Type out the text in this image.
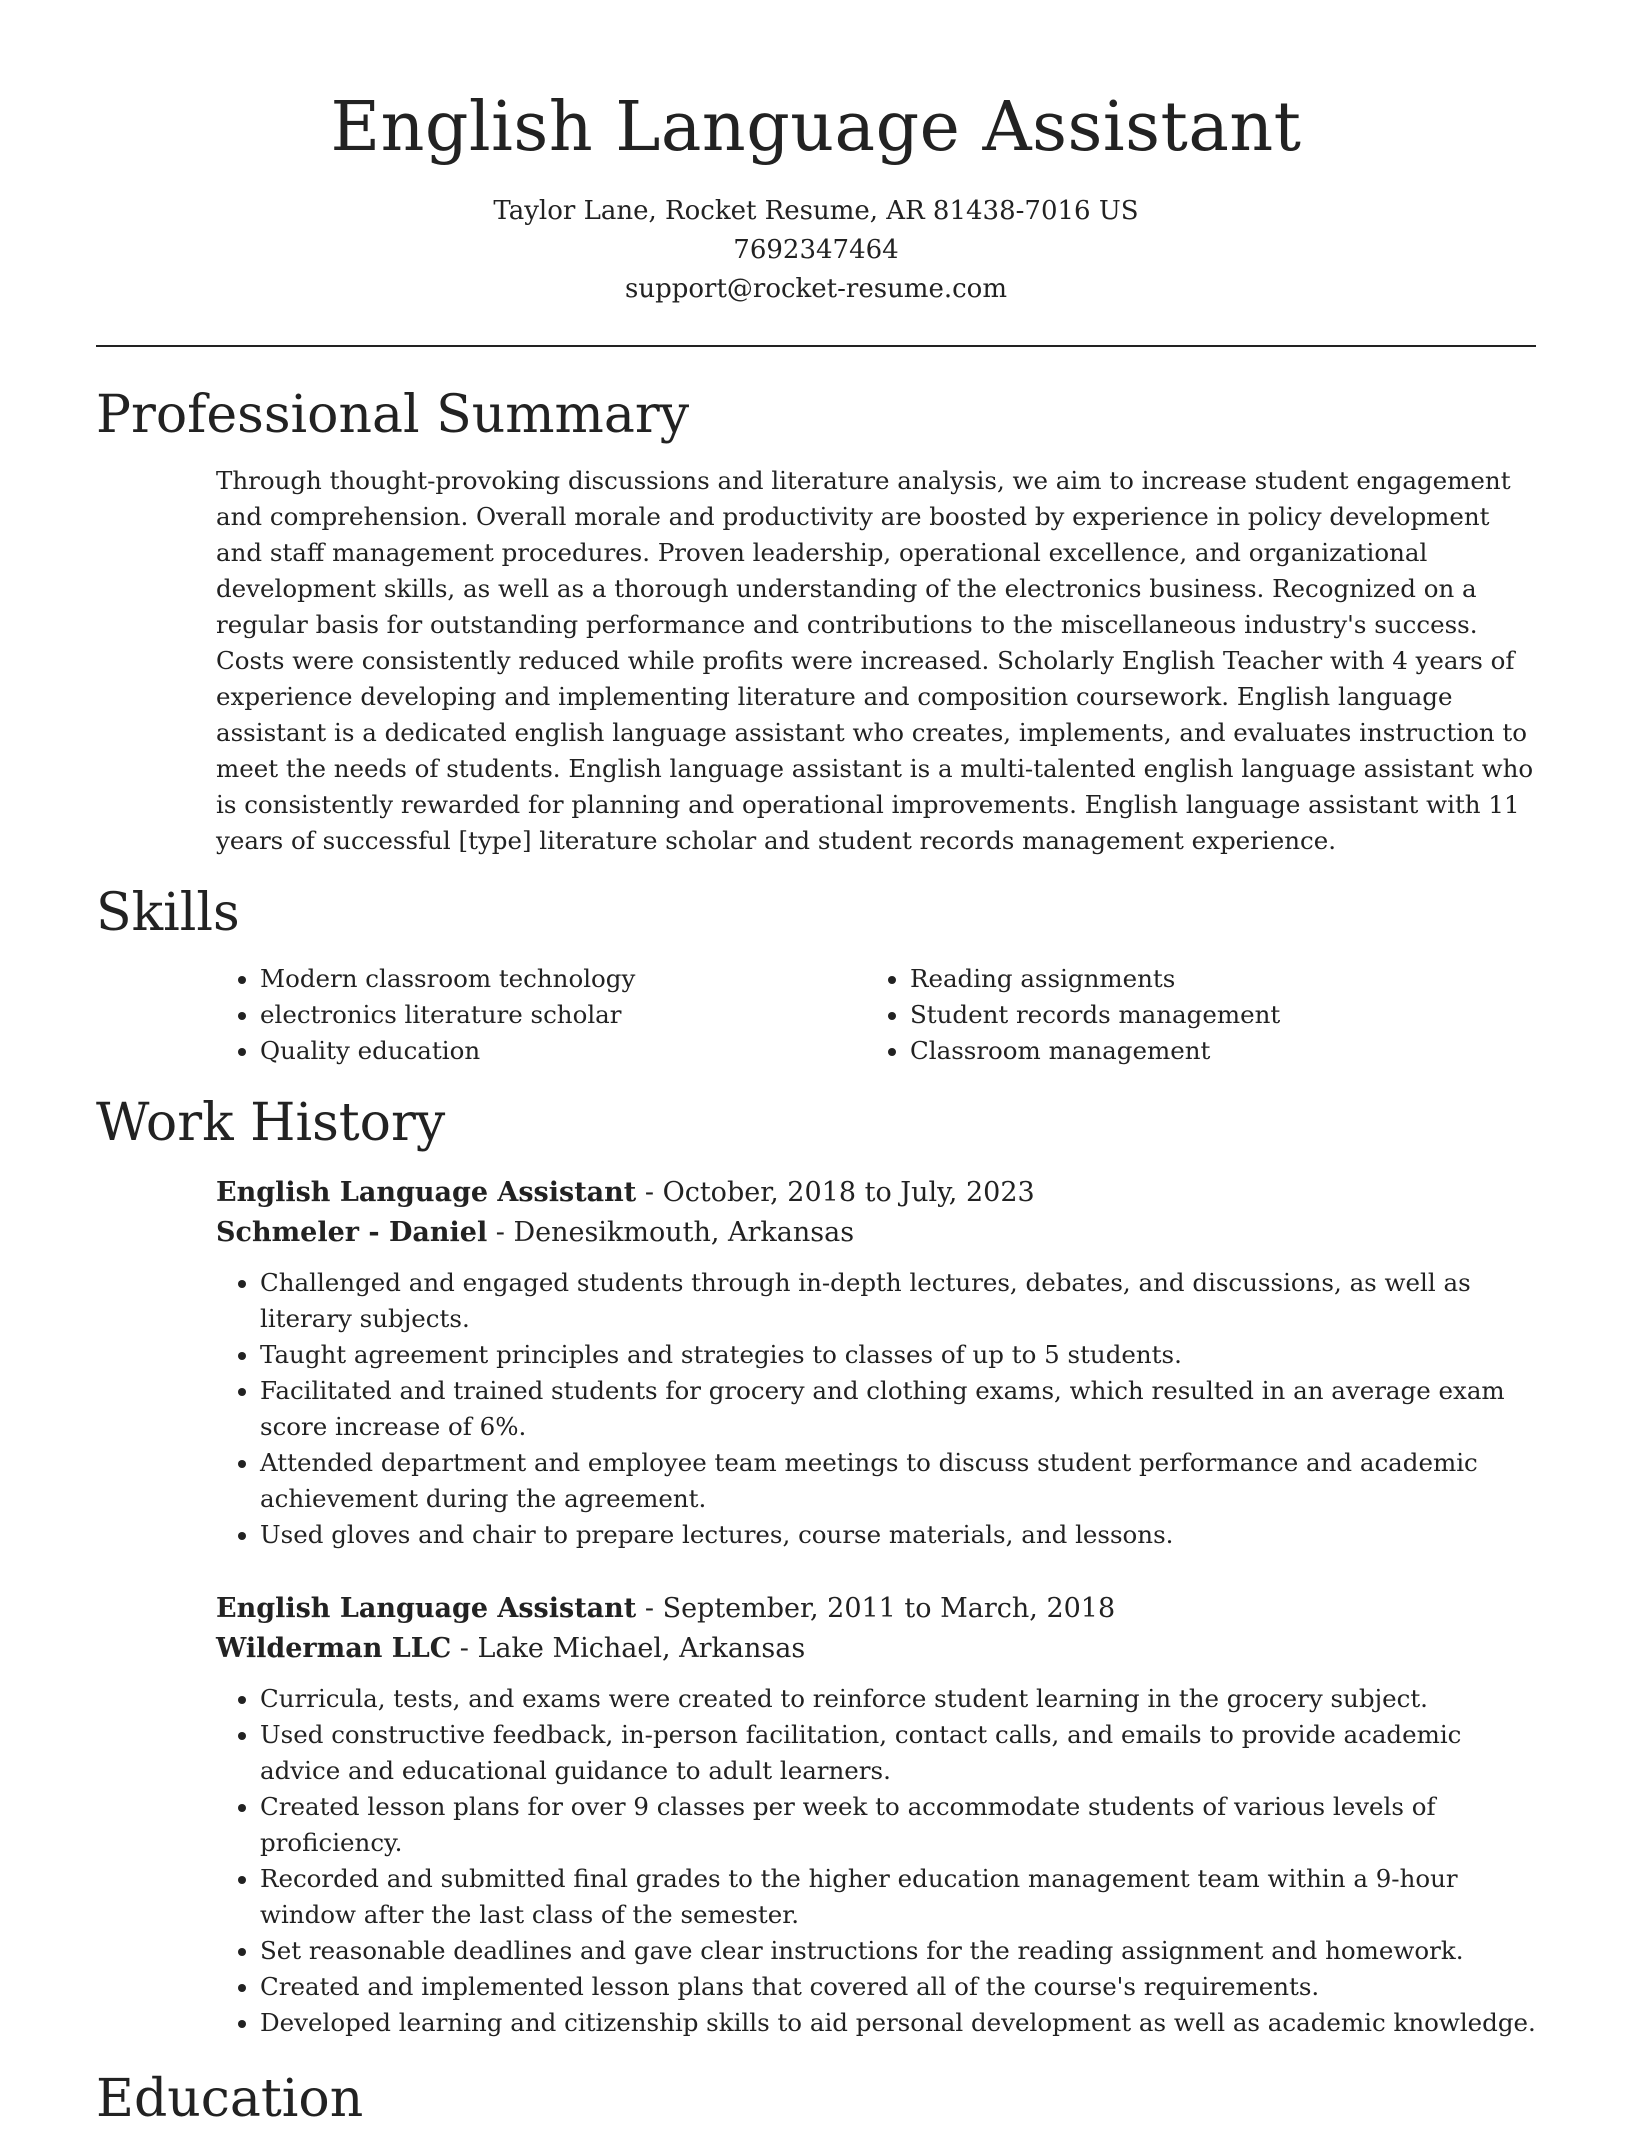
English Language Assistant

Taylor Lane, Rocket Resume, AR 81438-7016 US

7692347464

support@rocket-resume.com

Professional Summary

Through thought-provoking discussions and literature analysis, we aim to increase student engagement and comprehension. Overall morale and productivity are boosted by experience in policy development and staff management procedures. Proven leadership, operational excellence, and organizational development skills, as well as a thorough understanding of the electronics business. Recognized on a regular basis for outstanding performance and contributions to the miscellaneous industry's success. Costs were consistently reduced while profits were increased. Scholarly English Teacher with 4 years of experience developing and implementing literature and composition coursework. English language assistant is a dedicated english language assistant who creates, implements, and evaluates instruction to meet the needs of students. English language assistant is a multi-talented english language assistant who is consistently rewarded for planning and operational improvements. English language assistant with 11 years of successful [type] literature scholar and student records management experience.

Skills
• Modern classroom technology
• electronics literature scholar
• Quality education
• Reading assignments
• Student records management
• Classroom management
Work History

English Language Assistant - October, 2018 to July, 2023

Schmeler - Daniel - Denesikmouth, Arkansas

• Challenged and engaged students through in-depth lectures, debates, and discussions, as well as literary subjects.
• Taught agreement principles and strategies to classes of up to 5 students.
• Facilitated and trained students for grocery and clothing exams, which resulted in an average exam score increase of 6%.
• Attended department and employee team meetings to discuss student performance and academic achievement during the agreement.
• Used gloves and chair to prepare lectures, course materials, and lessons.

English Language Assistant - September, 2011 to March, 2018

Wilderman LLC - Lake Michael, Arkansas

• Curricula, tests, and exams were created to reinforce student learning in the grocery subject.
• Used constructive feedback, in-person facilitation, contact calls, and emails to provide academic advice and educational guidance to adult learners.
• Created lesson plans for over 9 classes per week to accommodate students of various levels of proficiency.
• Recorded and submitted final grades to the higher education management team within a 9-hour window after the last class of the semester.
• Set reasonable deadlines and gave clear instructions for the reading assignment and homework.
• Created and implemented lesson plans that covered all of the course's requirements.
• Developed learning and citizenship skills to aid personal development as well as academic knowledge.
Education
